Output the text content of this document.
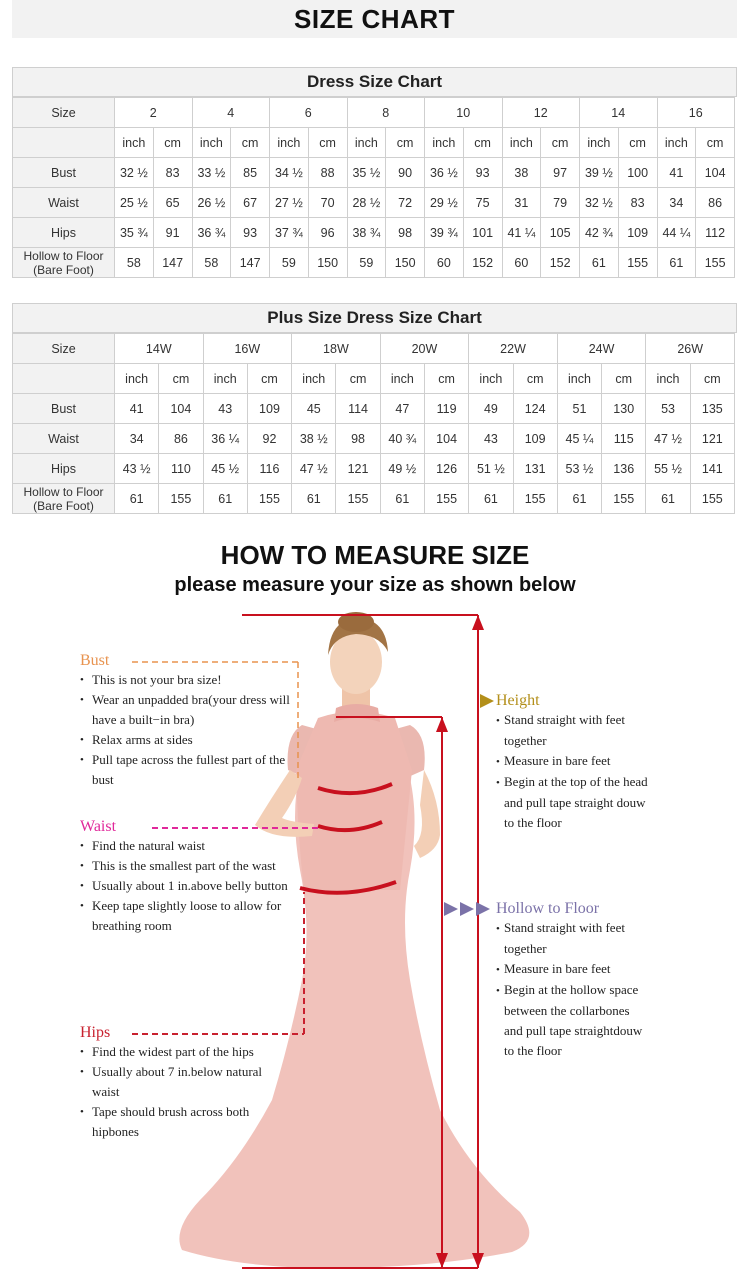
SIZE CHART
Dress Size Chart
Size	2		4		6		8		10		12		14		16	
	inch	cm	inch	cm	inch	cm	inch	cm	inch	cm	inch	cm	inch	cm	inch	cm

Bust	32 ½	83	33 ½	85	34 ½	88	35 ½	90	36 ½	93	38	97	39 ½	100	41	104

Waist	25 ½	65	26 ½	67	27 ½	70	28 ½	72	29 ½	75	31	79	32 ½	83	34	86

Hips	35 ¾	91	36 ¾	93	37 ¾	96	38 ¾	98	39 ¾	101	41 ¼	105	42 ¾	109	44 ¼	112

Hollow to Floor
(Bare Foot)	58	147	58	147	59	150	59	150	60	152	60	152	61	155	61	155
Plus Size Dress Size Chart
Size	14W		16W		18W		20W		22W		24W		26W	
	inch	cm	inch	cm	inch	cm	inch	cm	inch	cm	inch	cm	inch	cm

Bust	41	104	43	109	45	114	47	119	49	124	51	130	53	135

Waist	34	86	36 ¼	92	38 ½	98	40 ¾	104	43	109	45 ¼	115	47 ½	121

Hips	43 ½	110	45 ½	116	47 ½	121	49 ½	126	51 ½	131	53 ½	136	55 ½	141

Hollow to Floor
(Bare Foot)	61	155	61	155	61	155	61	155	61	155	61	155	61	155
HOW TO MEASURE SIZE
please measure your size as shown below
Bust
• This is not your bra size!
• Wear an unpadded bra(your dress will have a built−in bra)
• Relax arms at sides
• Pull tape across the fullest part of the bust
Waist
• Find the natural waist
• This is the smallest part of the wast
• Usually about 1 in.above belly button
• Keep tape slightly loose to allow for breathing room
Hips
• Find the widest part of the hips
• Usually about 7 in.below natural waist
• Tape should brush across both hipbones
Height
• Stand straight with feet
together
• Measure in bare feet
• Begin at the top of the head
and pull tape straight douw
to the floor
Hollow to Floor
• Stand straight with feet
together
• Measure in bare feet
• Begin at the hollow space
between the collarbones
and pull tape straightdouw
to the floor
